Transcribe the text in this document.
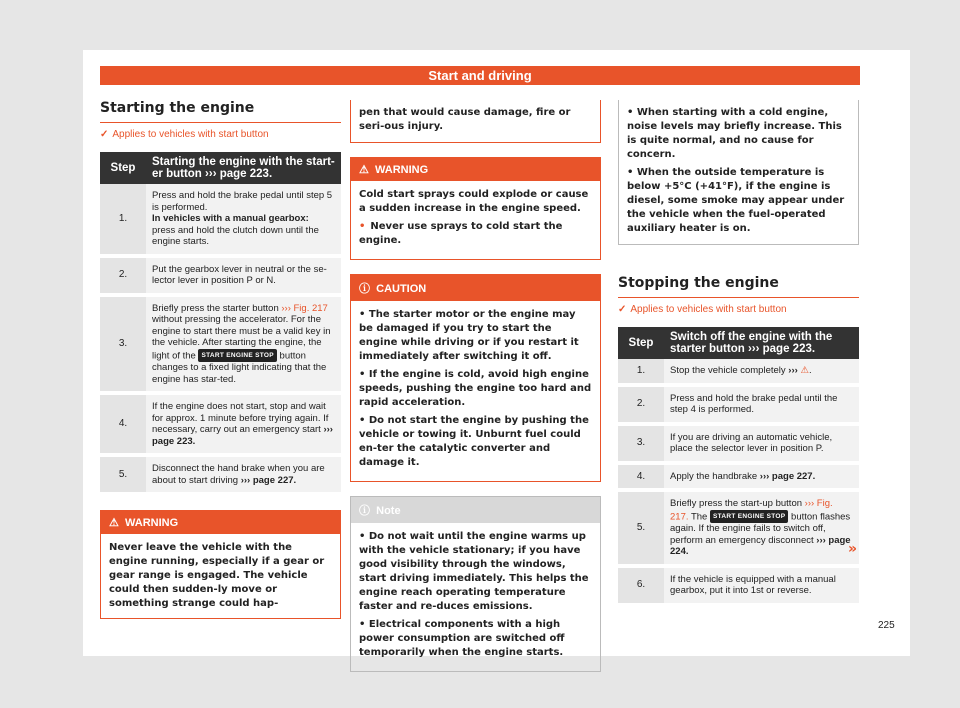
Start and driving
Starting the engine
✓ Applies to vehicles with start button
Step	Starting the engine with the start-er button ››› page 223.
1.	Press and hold the brake pedal until step 5 is performed.
In vehicles with a manual gearbox:
press and hold the clutch down until the engine starts.
2.	Put the gearbox lever in neutral or the se-lector lever in position P or N.
3.	Briefly press the starter button ››› Fig. 217 without pressing the accelerator. For the engine to start there must be a valid key in the vehicle. After starting the engine, the light of the START ENGINE STOP button changes to a fixed light indicating that the engine has star-ted.
4.	If the engine does not start, stop and wait for approx. 1 minute before trying again. If necessary, carry out an emergency start ››› page 223.
5.	Disconnect the hand brake when you are about to start driving ››› page 227.
⚠ WARNING
Never leave the vehicle with the engine running, especially if a gear or gear range is engaged. The vehicle could then sudden-ly move or something strange could hap-
pen that would cause damage, fire or seri-ous injury.
⚠ WARNING

Cold start sprays could explode or cause a sudden increase in the engine speed.

• Never use sprays to cold start the engine.

ⓘ CAUTION

• The starter motor or the engine may be damaged if you try to start the engine while driving or if you restart it immediately after switching it off.

• If the engine is cold, avoid high engine speeds, pushing the engine too hard and rapid acceleration.

• Do not start the engine by pushing the vehicle or towing it. Unburnt fuel could en-ter the catalytic converter and damage it.

ⓘ Note

• Do not wait until the engine warms up with the vehicle stationary; if you have good visibility through the windows, start driving immediately. This helps the engine reach operating temperature faster and re-duces emissions.

• Electrical components with a high power consumption are switched off temporarily when the engine starts.

• When starting with a cold engine, noise levels may briefly increase. This is quite normal, and no cause for concern.

• When the outside temperature is below +5°C (+41°F), if the engine is diesel, some smoke may appear under the vehicle when the fuel-operated auxiliary heater is on.

Stopping the engine
✓ Applies to vehicles with start button
Step	Switch off the engine with the starter button ››› page 223.
1.	Stop the vehicle completely ››› ⚠.
2.	Press and hold the brake pedal until the step 4 is performed.
3.	If you are driving an automatic vehicle, place the selector lever in position P.
4.	Apply the handbrake ››› page 227.
5.	Briefly press the start-up button ››› Fig. 217. The START ENGINE STOP button flashes again. If the engine fails to switch off, perform an emergency disconnect ››› page 224.
6.	If the vehicle is equipped with a manual gearbox, put it into 1st or reverse.
»
225
